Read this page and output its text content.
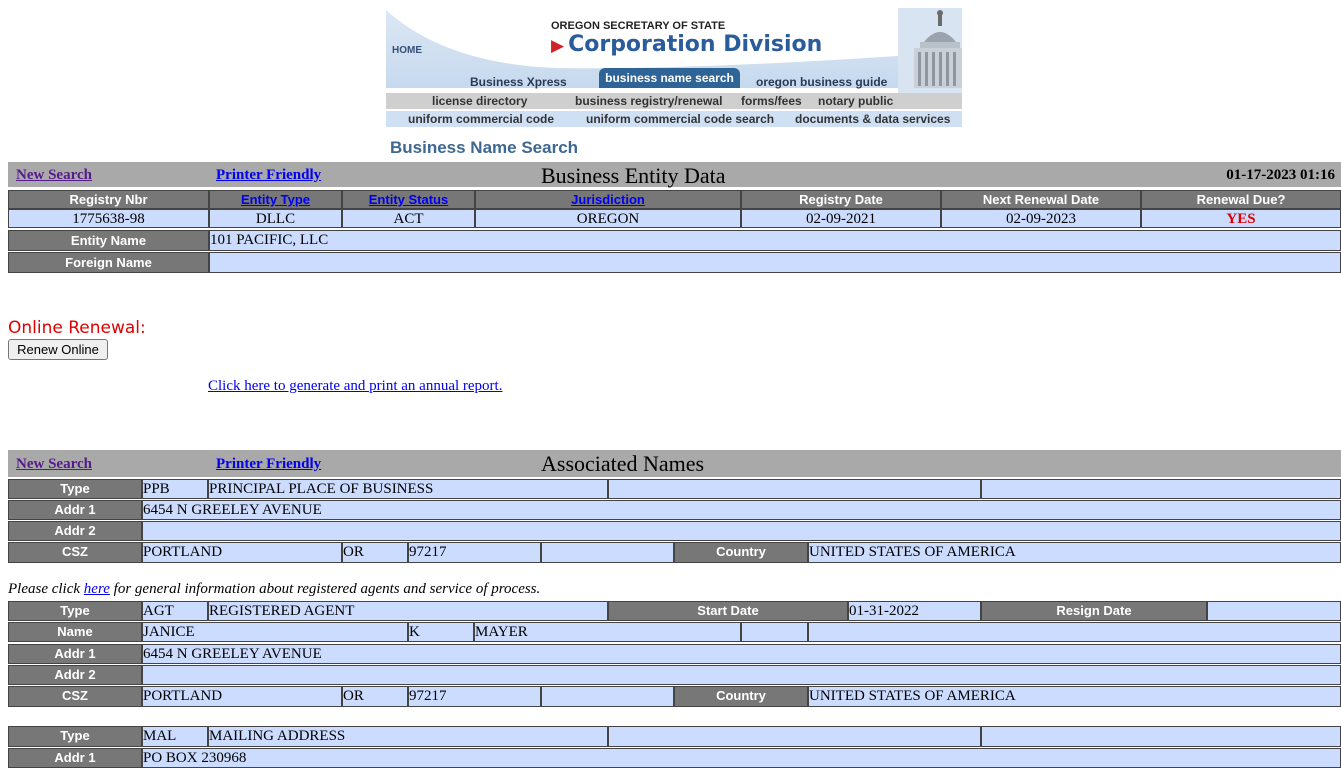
HOME
OREGON SECRETARY OF STATE
▶ Corporation Division
Business Xpress	business name search	oregon business guide
license directory	business registry/renewal forms/fees notary public
uniform commercial code	uniform commercial code search documents & data services
Business Name Search
New Search	Printer Friendly	Business Entity Data	01-17-2023 01:16
Registry Nbr	Entity Type	Entity Status	Jurisdiction	Registry Date	Next Renewal Date	Renewal Due?
1775638-98	DLLC	ACT	OREGON	02-09-2021	02-09-2023	YES
Entity Name	101 PACIFIC, LLC
Foreign Name
Online Renewal:
Renew Online
Click here to generate and print an annual report.
New Search	Printer Friendly	Associated Names
Type	PPB	PRINCIPAL PLACE OF BUSINESS
Addr 1	6454 N GREELEY AVENUE
Addr 2
CSZ	PORTLAND	OR	97217	Country	UNITED STATES OF AMERICA
Please click here for general information about registered agents and service of process.
Type	AGT	REGISTERED AGENT	Start Date	01-31-2022	Resign Date
Name	JANICE	K	MAYER
Addr 1	6454 N GREELEY AVENUE
Addr 2
CSZ	PORTLAND	OR	97217	Country	UNITED STATES OF AMERICA
Type	MAL	MAILING ADDRESS
Addr 1	PO BOX 230968
